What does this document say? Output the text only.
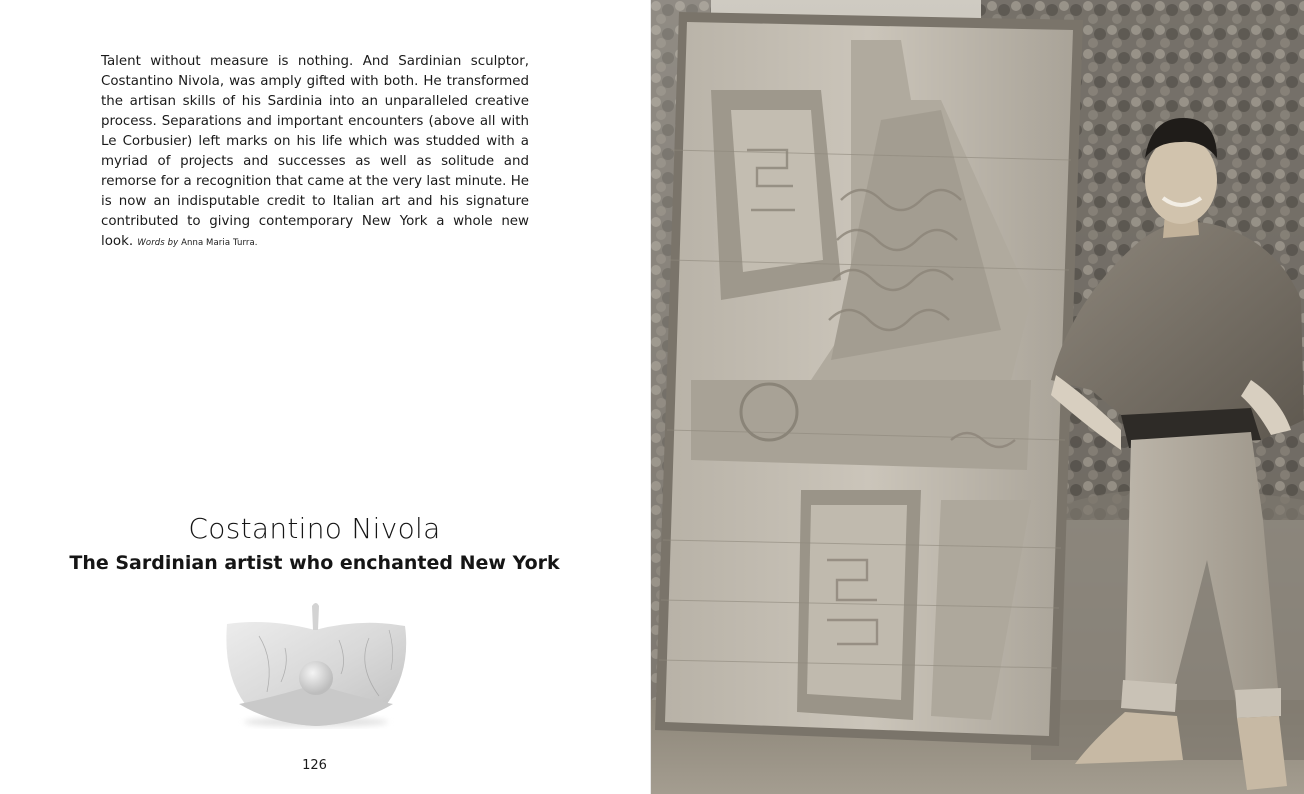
Talent without measure is nothing. And Sardinian sculptor, Costantino Nivola, was amply gifted with both. He transformed the artisan skills of his Sardinia into an unparalleled creative process. Separations and important encounters (above all with Le Corbusier) left marks on his life which was studded with a myriad of projects and successes as well as solitude and remorse for a recognition that came at the very last minute. He is now an indisputable credit to Italian art and his signature contributed to giving contemporary New York a whole new look. Words by Anna Maria Turra.

Costantino Nivola
The Sardinian artist who enchanted New York
126
